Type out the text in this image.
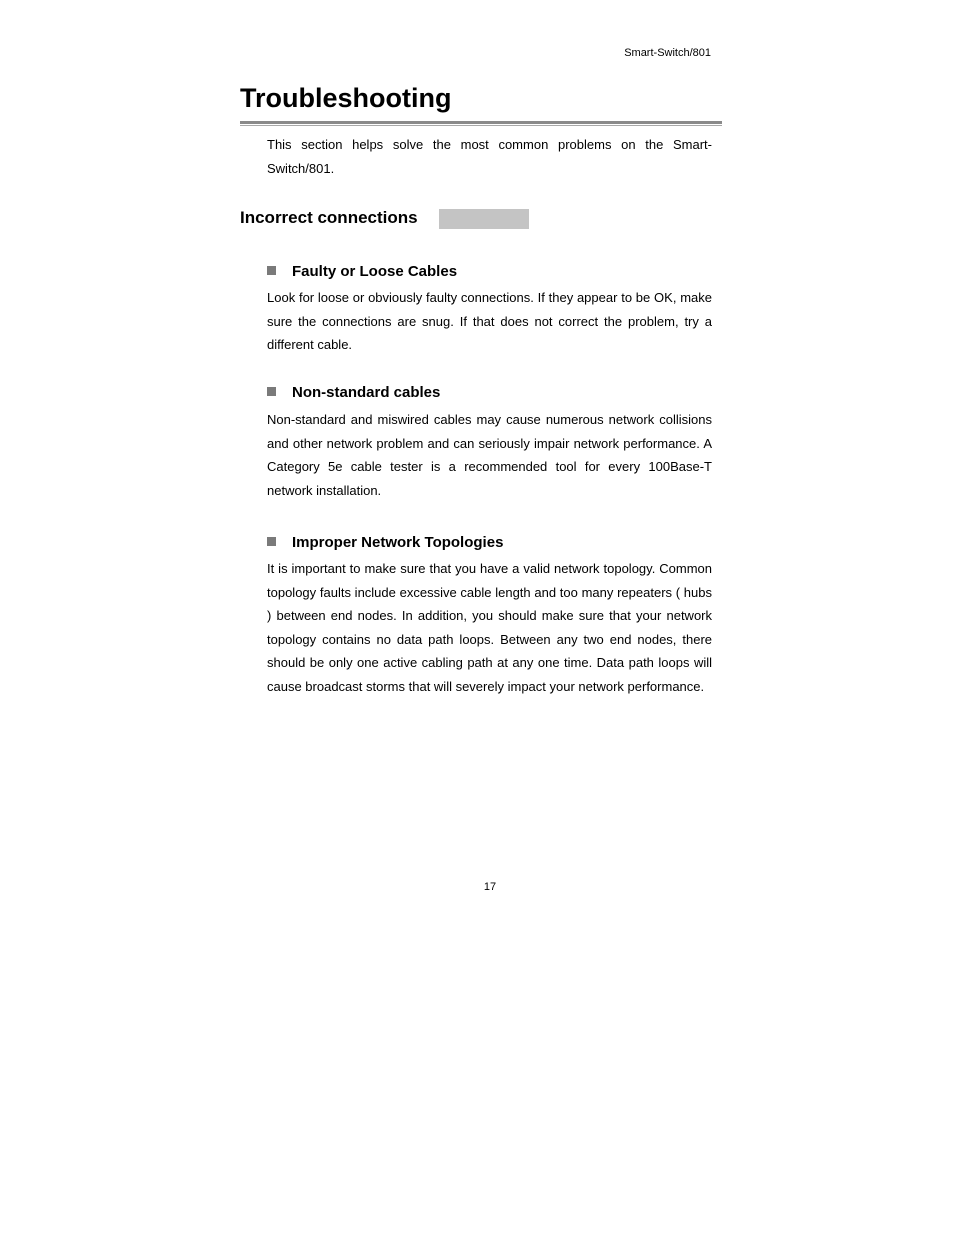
Smart-Switch/801
Troubleshooting

This section helps solve the most common problems on the Smart-Switch/801.

Incorrect connections
Faulty or Loose Cables

Look for loose or obviously faulty connections. If they appear to be OK, make sure the connections are snug. If that does not correct the problem, try a different cable.

Non-standard cables

Non-standard and miswired cables may cause numerous network collisions and other network problem and can seriously impair network performance. A Category 5e cable tester is a recommended tool for every 100Base-T network installation.

Improper Network Topologies

It is important to make sure that you have a valid network topology. Common topology faults include excessive cable length and too many repeaters ( hubs ) between end nodes. In addition, you should make sure that your network topology contains no data path loops. Between any two end nodes, there should be only one active cabling path at any one time. Data path loops will cause broadcast storms that will severely impact your network performance.

17
